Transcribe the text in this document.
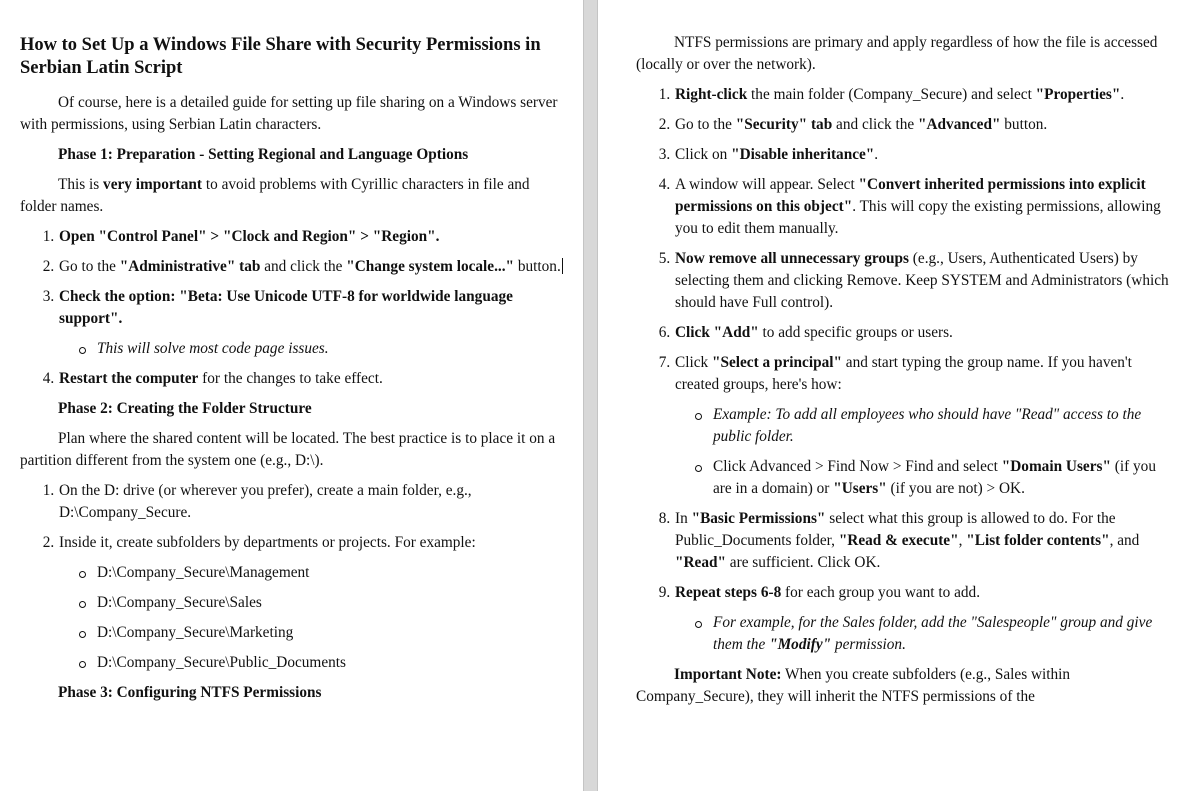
How to Set Up a Windows File Share with Security Permissions in Serbian Latin Script

Of course, here is a detailed guide for setting up file sharing on a Windows server with permissions, using Serbian Latin characters.

Phase 1: Preparation - Setting Regional and Language Options

This is very important to avoid problems with Cyrillic characters in file and folder names.

1. Open "Control Panel" > "Clock and Region" > "Region".
2. Go to the "Administrative" tab and click the "Change system locale..." button.
3. Check the option: "Beta: Use Unicode UTF-8 for worldwide language support".
This will solve most code page issues.
4. Restart the computer for the changes to take effect.

Phase 2: Creating the Folder Structure

Plan where the shared content will be located. The best practice is to place it on a partition different from the system one (e.g., D:\).

1. On the D: drive (or wherever you prefer), create a main folder, e.g., D:\Company_Secure.
2. Inside it, create subfolders by departments or projects. For example:
D:\Company_Secure\Management
D:\Company_Secure\Sales
D:\Company_Secure\Marketing
D:\Company_Secure\Public_Documents

Phase 3: Configuring NTFS Permissions

NTFS permissions are primary and apply regardless of how the file is accessed (locally or over the network).

1. Right-click the main folder (Company_Secure) and select "Properties".
2. Go to the "Security" tab and click the "Advanced" button.
3. Click on "Disable inheritance".
4. A window will appear. Select "Convert inherited permissions into explicit permissions on this object". This will copy the existing permissions, allowing you to edit them manually.
5. Now remove all unnecessary groups (e.g., Users, Authenticated Users) by selecting them and clicking Remove. Keep SYSTEM and Administrators (which should have Full control).
6. Click "Add" to add specific groups or users.
7. Click "Select a principal" and start typing the group name. If you haven't created groups, here's how:
Example: To add all employees who should have "Read" access to the public folder.
Click Advanced > Find Now > Find and select "Domain Users" (if you are in a domain) or "Users" (if you are not) > OK.
8. In "Basic Permissions" select what this group is allowed to do. For the Public_Documents folder, "Read & execute", "List folder contents", and "Read" are sufficient. Click OK.
9. Repeat steps 6-8 for each group you want to add.
For example, for the Sales folder, add the "Salespeople" group and give them the "Modify" permission.

Important Note: When you create subfolders (e.g., Sales within Company_Secure), they will inherit the NTFS permissions of the
